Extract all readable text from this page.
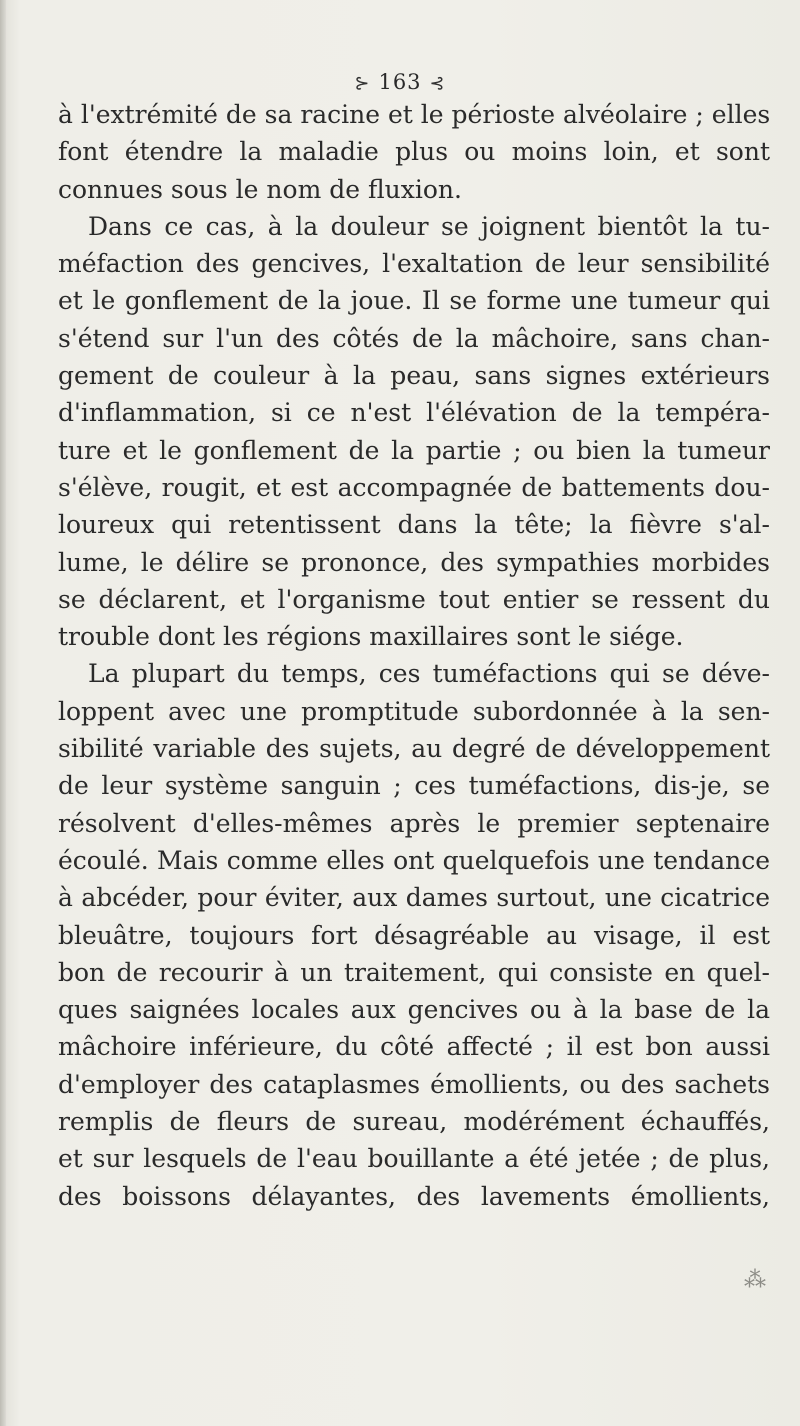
⊱ 163 ⊰
à l'extrémité de sa racine et le périoste alvéolaire ; elles
font étendre la maladie plus ou moins loin, et sont
connues sous le nom de fluxion.
Dans ce cas, à la douleur se joignent bientôt la tu-
méfaction des gencives, l'exaltation de leur sensibilité
et le gonflement de la joue. Il se forme une tumeur qui
s'étend sur l'un des côtés de la mâchoire, sans chan-
gement de couleur à la peau, sans signes extérieurs
d'inflammation, si ce n'est l'élévation de la tempéra-
ture et le gonflement de la partie ; ou bien la tumeur
s'élève, rougit, et est accompagnée de battements dou-
loureux qui retentissent dans la tête; la fièvre s'al-
lume, le délire se prononce, des sympathies morbides
se déclarent, et l'organisme tout entier se ressent du
trouble dont les régions maxillaires sont le siége.
La plupart du temps, ces tuméfactions qui se déve-
loppent avec une promptitude subordonnée à la sen-
sibilité variable des sujets, au degré de développement
de leur système sanguin ; ces tuméfactions, dis-je, se
résolvent d'elles-mêmes après le premier septenaire
écoulé. Mais comme elles ont quelquefois une tendance
à abcéder, pour éviter, aux dames surtout, une cicatrice
bleuâtre, toujours fort désagréable au visage, il est
bon de recourir à un traitement, qui consiste en quel-
ques saignées locales aux gencives ou à la base de la
mâchoire inférieure, du côté affecté ; il est bon aussi
d'employer des cataplasmes émollients, ou des sachets
remplis de fleurs de sureau, modérément échauffés,
et sur lesquels de l'eau bouillante a été jetée ; de plus,
des boissons délayantes, des lavements émollients,
⁂
